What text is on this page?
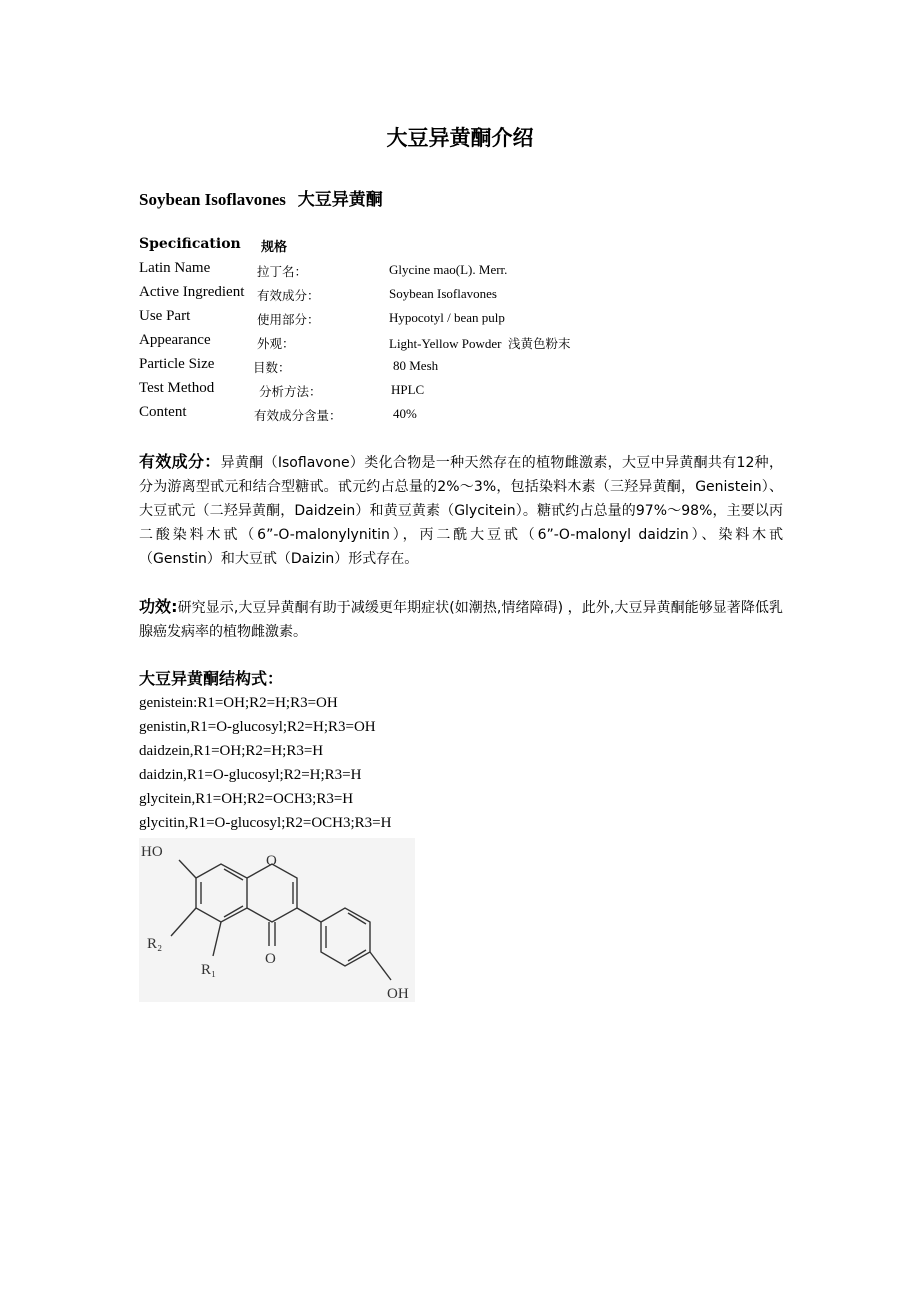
大豆异黄酮介绍
Soybean Isoflavones 大豆异黄酮
Specification 规格
Latin Name	拉丁名：	Glycine mao(L). Merr.
Active Ingredient 有效成分：	Soybean Isoflavones
Use Part	使用部分：	Hypocotyl / bean pulp
Appearance	外观：	Light-Yellow Powder 浅黄色粉末
Particle Size	目数：	80 Mesh
Test Method	分析方法：	HPLC
Content	有效成分含量：	40%
有效成分：异黄酮（Isoflavone）类化合物是一种天然存在的植物雌激素，大豆中异黄酮共有12种，分为游离型甙元和结合型糖甙。甙元约占总量的2%～3%，包括染料木素（三羟异黄酮，Genistein）、大豆甙元（二羟异黄酮，Daidzein）和黄豆黄素（Glycitein）。糖甙约占总量的97%～98%，主要以丙二酸染料木甙（6”-O-malonylynitin），丙二酰大豆甙（6”-O-malonyl daidzin）、染料木甙（Genstin）和大豆甙（Daizin）形式存在。
功效:研究显示,大豆异黄酮有助于减缓更年期症状(如潮热,情绪障碍) ，此外,大豆异黄酮能够显著降低乳腺癌发病率的植物雌激素。
大豆异黄酮结构式：
genistein:R1=OH;R2=H;R3=OH
genistin,R1=O-glucosyl;R2=H;R3=OH
daidzein,R1=OH;R2=H;R3=H
daidzin,R1=O-glucosyl;R2=H;R3=H
glycitein,R1=OH;R2=OCH3;R3=H
glycitin,R1=O-glucosyl;R2=OCH3;R3=H
HO
O
R₂
R₁
O
OH
